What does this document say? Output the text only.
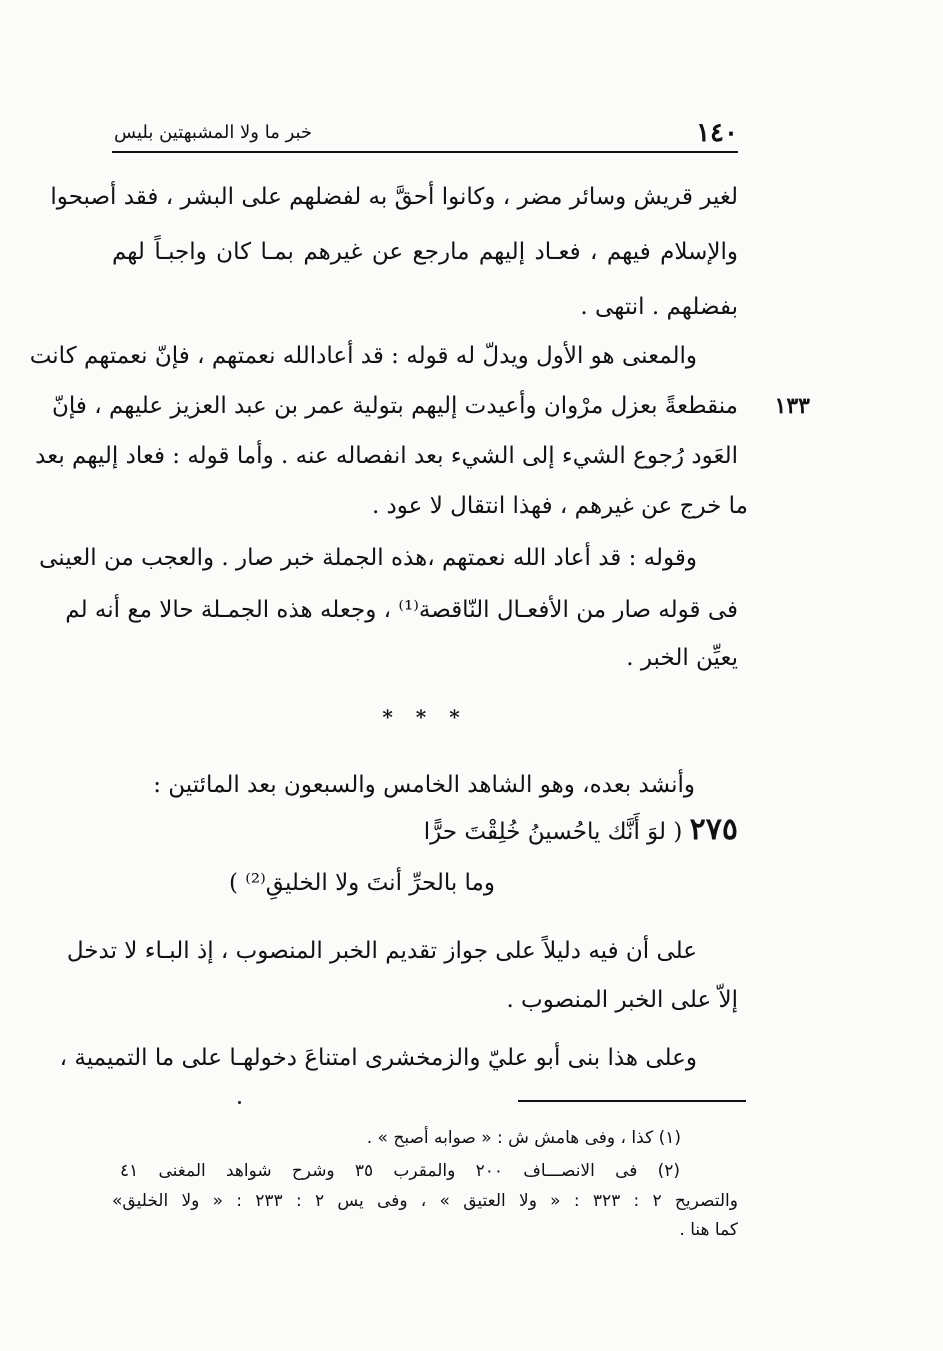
١٤٠
خبر ما ولا المشبهتين بليس
لغير قريش وسائر مضر ، وكانوا أحقَّ به لفضلهم على البشر ، فقد أصبحوا
والإسلام فيهم ، فعـاد إليهم مارجع عن غيرهم بمـا كان واجبـاً لهم
بفضلهم . انتهى .
والمعنى هو الأول ويدلّ له قوله : قد أعادالله نعمتهم ، فإنّ نعمتهم كانت
١٣٣
منقطعةً بعزل مرْوان وأعيدت إليهم بتولية عمر بن عبد العزيز عليهم ، فإنّ
العَود رُجوع الشيء إلى الشيء بعد انفصاله عنه . وأما قوله : فعاد إليهم بعد
ما خرج عن غيرهم ، فهذا انتقال لا عود .
وقوله : قد أعاد الله نعمتهم ،هذه الجملة خبر صار . والعجب من العينى
فى قوله صار من الأفعـال النّاقصة⁽¹⁾ ، وجعله هذه الجمـلة حالا مع أنه لم
يعيِّن الخبر .
* * *
وأنشد بعده، وهو الشاهد الخامس والسبعون بعد المائتين :
٢٧٥ ( لوَ أَنَّك ياحُسينُ خُلِقْتَ حرًّا
وما بالحرِّ أنتَ ولا الخليقِ⁽²⁾ )
على أن فيه دليلاً على جواز تقديم الخبر المنصوب ، إذ البـاء لا تدخل
إلاّ على الخبر المنصوب .
وعلى هذا بنى أبو عليّ والزمخشرى امتناعَ دخولهـا على ما التميمية ،
(١) كذا ، وفى هامش ش : « صوابه أصبح » .
(٢) فى الانصـــاف ٢٠٠ والمقرب ٣٥ وشرح شواهد المغنى ٤١
والتصريح ٢ : ٣٢٣ : « ولا العتيق » ، وفى يس ٢ : ٢٣٣ : « ولا الخليق»
كما هنا .
